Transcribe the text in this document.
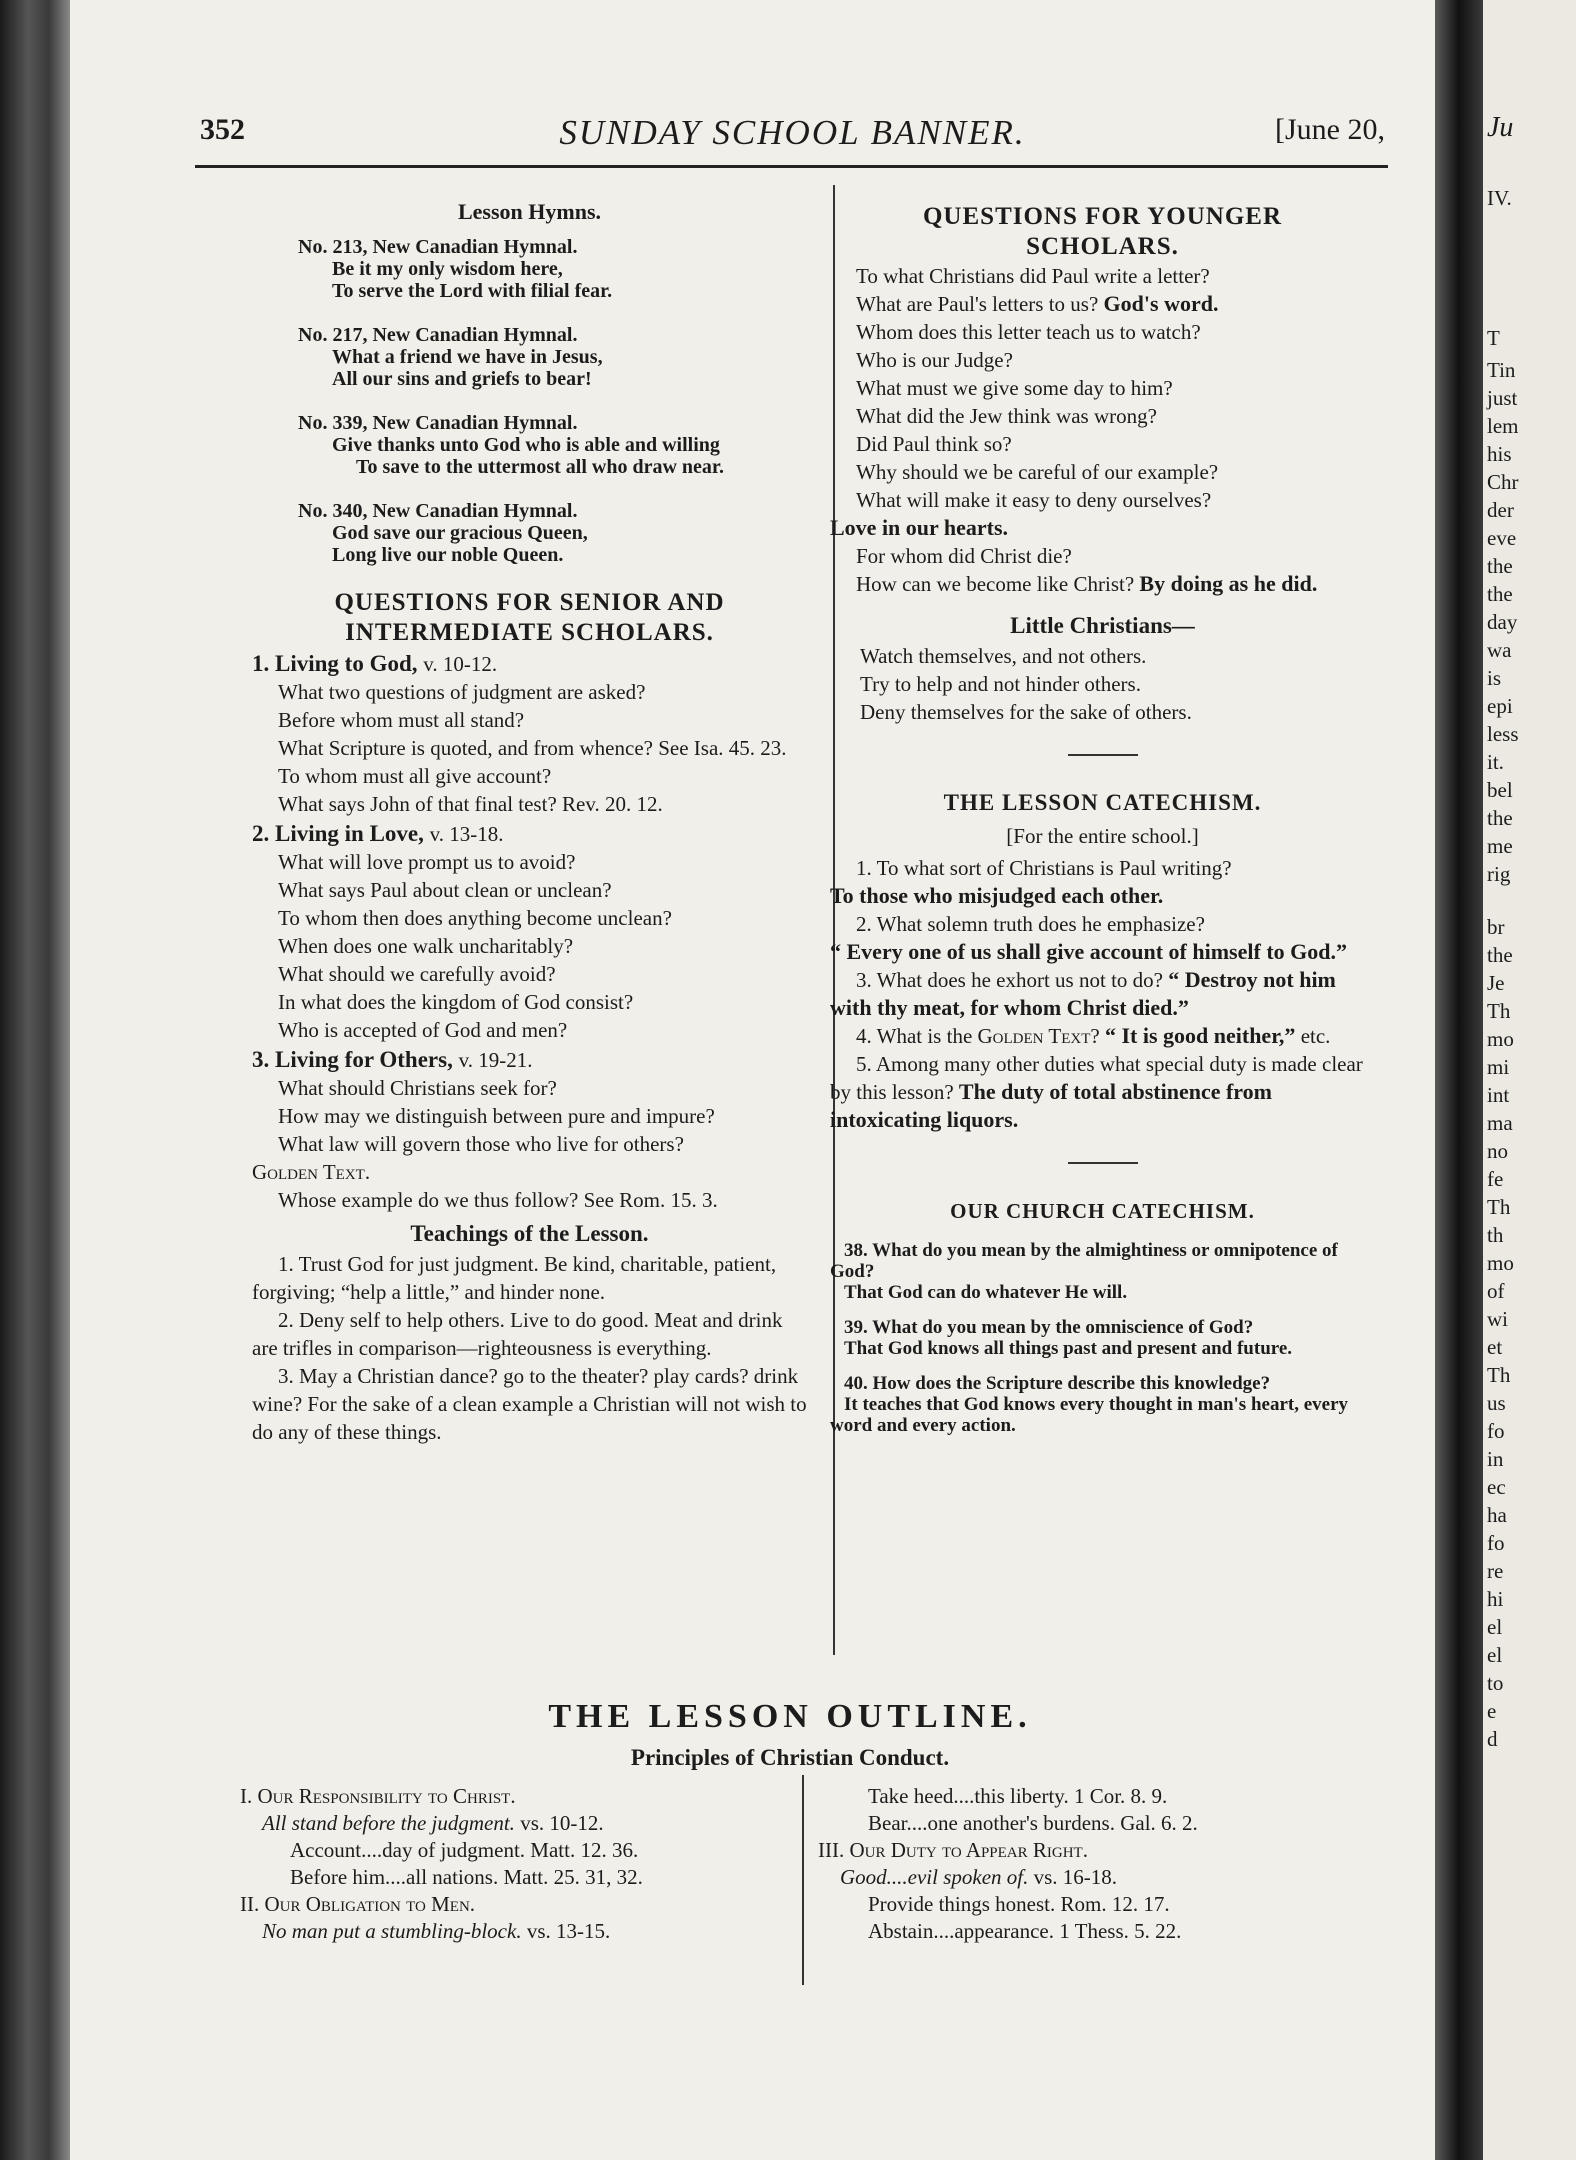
352	SUNDAY SCHOOL BANNER.	[June 20,
Lesson Hymns.
No. 213, New Canadian Hymnal.
Be it my only wisdom here,
To serve the Lord with filial fear.
No. 217, New Canadian Hymnal.
What a friend we have in Jesus,
All our sins and griefs to bear!
No. 339, New Canadian Hymnal.
Give thanks unto God who is able and willing
To save to the uttermost all who draw near.
No. 340, New Canadian Hymnal.
God save our gracious Queen,
Long live our noble Queen.
QUESTIONS FOR SENIOR AND INTERMEDIATE SCHOLARS.
1. Living to God, v. 10-12.
What two questions of judgment are asked?
Before whom must all stand?
What Scripture is quoted, and from whence? See Isa. 45. 23.
To whom must all give account?
What says John of that final test? Rev. 20. 12.
2. Living in Love, v. 13-18.
What will love prompt us to avoid?
What says Paul about clean or unclean?
To whom then does anything become unclean?
When does one walk uncharitably?
What should we carefully avoid?
In what does the kingdom of God consist?
Who is accepted of God and men?
3. Living for Others, v. 19-21.
What should Christians seek for?
How may we distinguish between pure and impure?
What law will govern those who live for others?
Golden Text.
Whose example do we thus follow? See Rom. 15. 3.
Teachings of the Lesson.
1. Trust God for just judgment. Be kind, charitable, patient, forgiving; “help a little,” and hinder none.
2. Deny self to help others. Live to do good. Meat and drink are trifles in comparison—righteousness is everything.
3. May a Christian dance? go to the theater? play cards? drink wine? For the sake of a clean example a Christian will not wish to do any of these things.
QUESTIONS FOR YOUNGER
SCHOLARS.
To what Christians did Paul write a letter?
What are Paul's letters to us? God's word.
Whom does this letter teach us to watch?
Who is our Judge?
What must we give some day to him?
What did the Jew think was wrong?
Did Paul think so?
Why should we be careful of our example?
What will make it easy to deny ourselves?
Love in our hearts.
For whom did Christ die?
How can we become like Christ? By doing as he did.
Little Christians—
Watch themselves, and not others.
Try to help and not hinder others.
Deny themselves for the sake of others.
THE LESSON CATECHISM.
[For the entire school.]

1. To what sort of Christians is Paul writing?

To those who misjudged each other.

2. What solemn truth does he emphasize?

“ Every one of us shall give account of himself to God.”

3. What does he exhort us not to do? “ Destroy not him with thy meat, for whom Christ died.”

4. What is the Golden Text? “ It is good neither,” etc.

5. Among many other duties what special duty is made clear by this lesson? The duty of total abstinence from intoxicating liquors.

OUR CHURCH CATECHISM.

38. What do you mean by the almightiness or omnipotence of God?

That God can do whatever He will.

39. What do you mean by the omniscience of God?

That God knows all things past and present and future.

40. How does the Scripture describe this knowledge?

It teaches that God knows every thought in man's heart, every word and every action.

THE LESSON OUTLINE.
Principles of Christian Conduct.
I. Our Responsibility to Christ.
All stand before the judgment. vs. 10-12.
Account....day of judgment. Matt. 12. 36.
Before him....all nations. Matt. 25. 31, 32.
II. Our Obligation to Men.
No man put a stumbling-block. vs. 13-15.
Take heed....this liberty. 1 Cor. 8. 9.
Bear....one another's burdens. Gal. 6. 2.
III. Our Duty to Appear Right.
Good....evil spoken of. vs. 16-18.
Provide things honest. Rom. 12. 17.
Abstain....appearance. 1 Thess. 5. 22.
Ju
IV.
T
Tin
just
lem
his
Chr
der
eve
the
the
day
wa
is
epi
less
it.
bel
the
me
rig
br
the
Je
Th
mo
mi
int
ma
no
fe
Th
th
mo
of
wi
et
Th
us
fo
in
ec
ha
fo
re
hi
el
el
to
e
d
